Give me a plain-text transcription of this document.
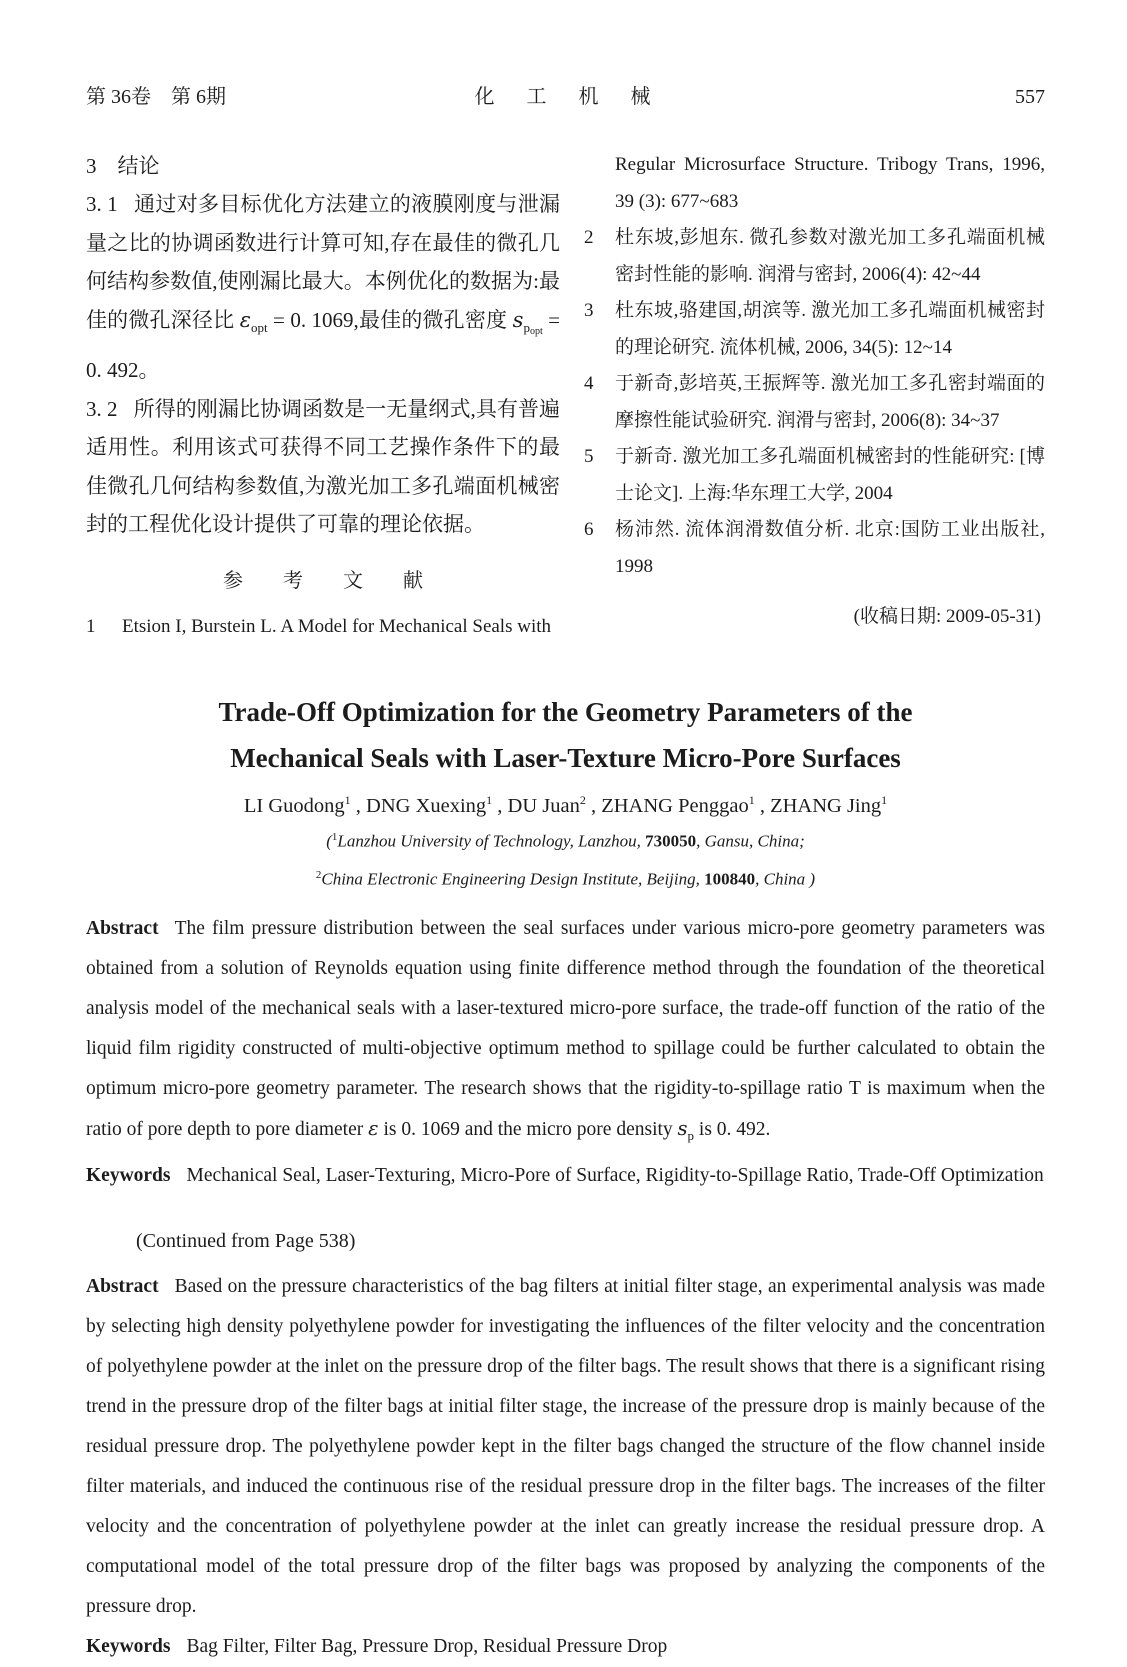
第 36卷　第 6期	化　工　机　械	557
3　结论

3. 1 通过对多目标优化方法建立的液膜刚度与泄漏量之比的协调函数进行计算可知,存在最佳的微孔几何结构参数值,使刚漏比最大。本例优化的数据为:最佳的微孔深径比 $\varepsilon_{opt} = 0$. 1069,最佳的微孔密度 $s_{popt} = 0$. 492。

3. 2 所得的刚漏比协调函数是一无量纲式,具有普遍适用性。利用该式可获得不同工艺操作条件下的最佳微孔几何结构参数值,为激光加工多孔端面机械密封的工程优化设计提供了可靠的理论依据。

参　　考　　文　　献
1	Etsion I, Burstein L. A Model for Mechanical Seals with
Regular Microsurface Structure. Tribogy Trans, 1996, 39 (3): 677~683
2	杜东坡,彭旭东. 微孔参数对激光加工多孔端面机械密封性能的影响. 润滑与密封, 2006(4): 42~44
3	杜东坡,骆建国,胡滨等. 激光加工多孔端面机械密封的理论研究. 流体机械, 2006, 34(5): 12~14
4	于新奇,彭培英,王振辉等. 激光加工多孔密封端面的摩擦性能试验研究. 润滑与密封, 2006(8): 34~37
5	于新奇. 激光加工多孔端面机械密封的性能研究: [博士论文]. 上海:华东理工大学, 2004
6	杨沛然. 流体润滑数值分析. 北京:国防工业出版社, 1998
(收稿日期: 2009-05-31)
Trade-Off Optimization for the Geometry Parameters of the
Mechanical Seals with Laser-Texture Micro-Pore Surfaces
LI Guodong$^1$ , DNG Xuexing$^1$ , DU Juan$^2$ , ZHANG Penggao$^1$ , ZHANG Jing$^1$
($^1$Lanzhou University of Technology, Lanzhou, 730050, Gansu, China;
$^2$China Electronic Engineering Design Institute, Beijing, 100840, China )

Abstract The film pressure distribution between the seal surfaces under various micro-pore geometry parameters was obtained from a solution of Reynolds equation using finite difference method through the foundation of the theoretical analysis model of the mechanical seals with a laser-textured micro-pore surface, the trade-off function of the ratio of the liquid film rigidity constructed of multi-objective optimum method to spillage could be further calculated to obtain the optimum micro-pore geometry parameter. The research shows that the rigidity-to-spillage ratio T is maximum when the ratio of pore depth to pore diameter ε is 0. 1069 and the micro pore density $s_p$ is 0. 492.

Keywords Mechanical Seal, Laser-Texturing, Micro-Pore of Surface, Rigidity-to-Spillage Ratio, Trade-Off Optimization

(Continued from Page 538)

Abstract Based on the pressure characteristics of the bag filters at initial filter stage, an experimental analysis was made by selecting high density polyethylene powder for investigating the influences of the filter velocity and the concentration of polyethylene powder at the inlet on the pressure drop of the filter bags. The result shows that there is a significant rising trend in the pressure drop of the filter bags at initial filter stage, the increase of the pressure drop is mainly because of the residual pressure drop. The polyethylene powder kept in the filter bags changed the structure of the flow channel inside filter materials, and induced the continuous rise of the residual pressure drop in the filter bags. The increases of the filter velocity and the concentration of polyethylene powder at the inlet can greatly increase the residual pressure drop. A computational model of the total pressure drop of the filter bags was proposed by analyzing the components of the pressure drop.

Keywords Bag Filter, Filter Bag, Pressure Drop, Residual Pressure Drop
